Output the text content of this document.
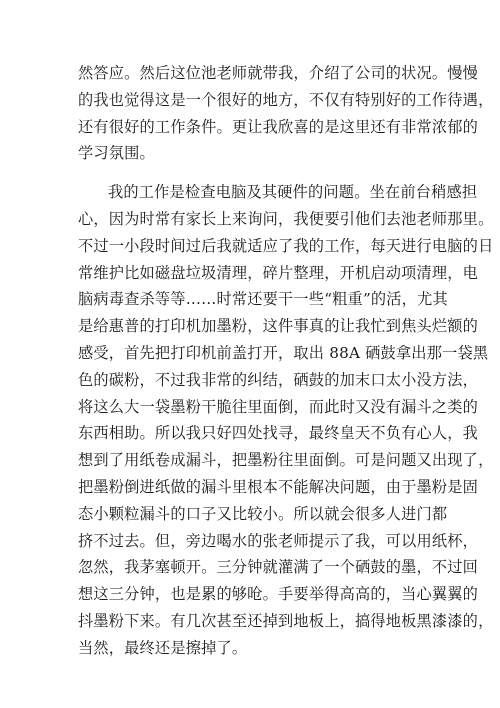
然答应。然后这位池老师就带我，介绍了公司的状况。慢慢
的我也觉得这是一个很好的地方，不仅有特别好的工作待遇，
还有很好的工作条件。更让我欣喜的是这里还有非常浓郁的
学习氛围。
我的工作是检查电脑及其硬件的问题。坐在前台稍感担
心，因为时常有家长上来询问，我便要引他们去池老师那里。
不过一小段时间过后我就适应了我的工作，每天进行电脑的日
常维护比如磁盘垃圾清理，碎片整理，开机启动项清理，电
脑病毒查杀等等……时常还要干一些“粗重”的活，尤其
是给惠普的打印机加墨粉，这件事真的让我忙到焦头烂额的
感受，首先把打印机前盖打开，取出 88A 硒鼓拿出那一袋黑
色的碳粉，不过我非常的纠结，硒鼓的加末口太小没方法，
将这么大一袋墨粉干脆往里面倒，而此时又没有漏斗之类的
东西相助。所以我只好四处找寻，最终皇天不负有心人，我
想到了用纸卷成漏斗，把墨粉往里面倒。可是问题又出现了，
把墨粉倒进纸做的漏斗里根本不能解决问题，由于墨粉是固
态小颗粒漏斗的口子又比较小。所以就会很多人进门都
挤不过去。但，旁边喝水的张老师提示了我，可以用纸杯，
忽然，我茅塞顿开。三分钟就灌满了一个硒鼓的墨，不过回
想这三分钟，也是累的够呛。手要举得高高的，当心翼翼的
抖墨粉下来。有几次甚至还掉到地板上，搞得地板黑漆漆的，
当然，最终还是擦掉了。
